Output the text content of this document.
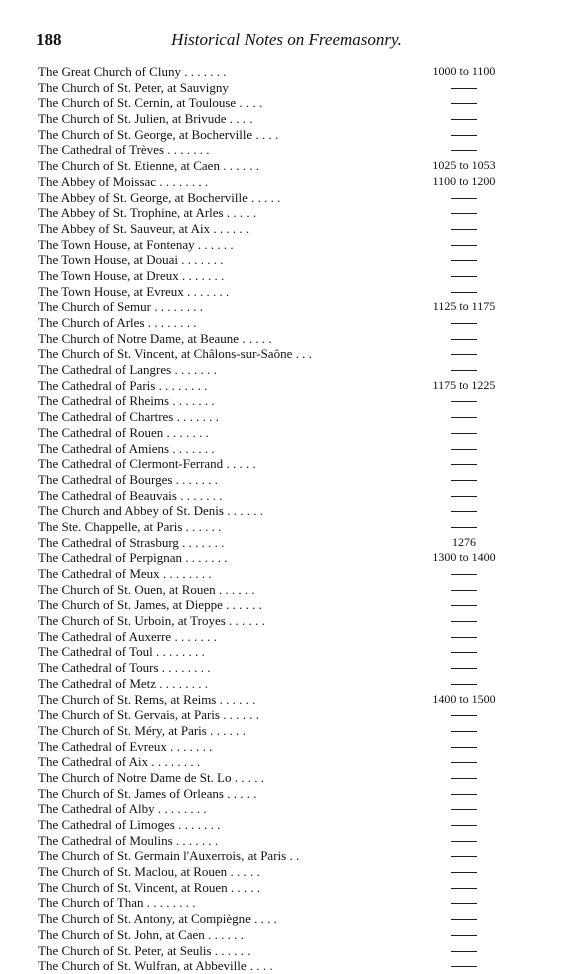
188	Historical Notes on Freemasonry.
The Great Church of Cluny . . . . . . .	1000 to 1100
The Church of St. Peter, at Sauvigny
The Church of St. Cernin, at Toulouse . . . .
The Church of St. Julien, at Brivude . . . .
The Church of St. George, at Bocherville . . . .
The Cathedral of Trèves . . . . . . .
The Church of St. Etienne, at Caen . . . . . .	1025 to 1053
The Abbey of Moissac . . . . . . . .	1100 to 1200
The Abbey of St. George, at Bocherville . . . . .
The Abbey of St. Trophine, at Arles . . . . .
The Abbey of St. Sauveur, at Aix . . . . . .
The Town House, at Fontenay . . . . . .
The Town House, at Douai . . . . . . .
The Town House, at Dreux . . . . . . .
The Town House, at Evreux . . . . . . .
The Church of Semur . . . . . . . .	1125 to 1175
The Church of Arles . . . . . . . .
The Church of Notre Dame, at Beaune . . . . .
The Church of St. Vincent, at Châlons-sur-Saône . . .
The Cathedral of Langres . . . . . . .
The Cathedral of Paris . . . . . . . .	1175 to 1225
The Cathedral of Rheims . . . . . . .
The Cathedral of Chartres . . . . . . .
The Cathedral of Rouen . . . . . . .
The Cathedral of Amiens . . . . . . .
The Cathedral of Clermont-Ferrand . . . . .
The Cathedral of Bourges . . . . . . .
The Cathedral of Beauvais . . . . . . .
The Church and Abbey of St. Denis . . . . . .
The Ste. Chappelle, at Paris . . . . . .
The Cathedral of Strasburg . . . . . . .	1276
The Cathedral of Perpignan . . . . . . .	1300 to 1400
The Cathedral of Meux . . . . . . . .
The Church of St. Ouen, at Rouen . . . . . .
The Church of St. James, at Dieppe . . . . . .
The Church of St. Urboin, at Troyes . . . . . .
The Cathedral of Auxerre . . . . . . .
The Cathedral of Toul . . . . . . . .
The Cathedral of Tours . . . . . . . .
The Cathedral of Metz . . . . . . . .
The Church of St. Rems, at Reims . . . . . .	1400 to 1500
The Church of St. Gervais, at Paris . . . . . .
The Church of St. Méry, at Paris . . . . . .
The Cathedral of Evreux . . . . . . .
The Cathedral of Aix . . . . . . . .
The Church of Notre Dame de St. Lo . . . . .
The Church of St. James of Orleans . . . . .
The Cathedral of Alby . . . . . . . .
The Cathedral of Limoges . . . . . . .
The Cathedral of Moulins . . . . . . .
The Church of St. Germain l'Auxerrois, at Paris . .
The Church of St. Maclou, at Rouen . . . . .
The Church of St. Vincent, at Rouen . . . . .
The Church of Than . . . . . . . .
The Church of St. Antony, at Compiègne . . . .
The Church of St. John, at Caen . . . . . .
The Church of St. Peter, at Seulis . . . . . .
The Church of St. Wulfran, at Abbeville . . . .
